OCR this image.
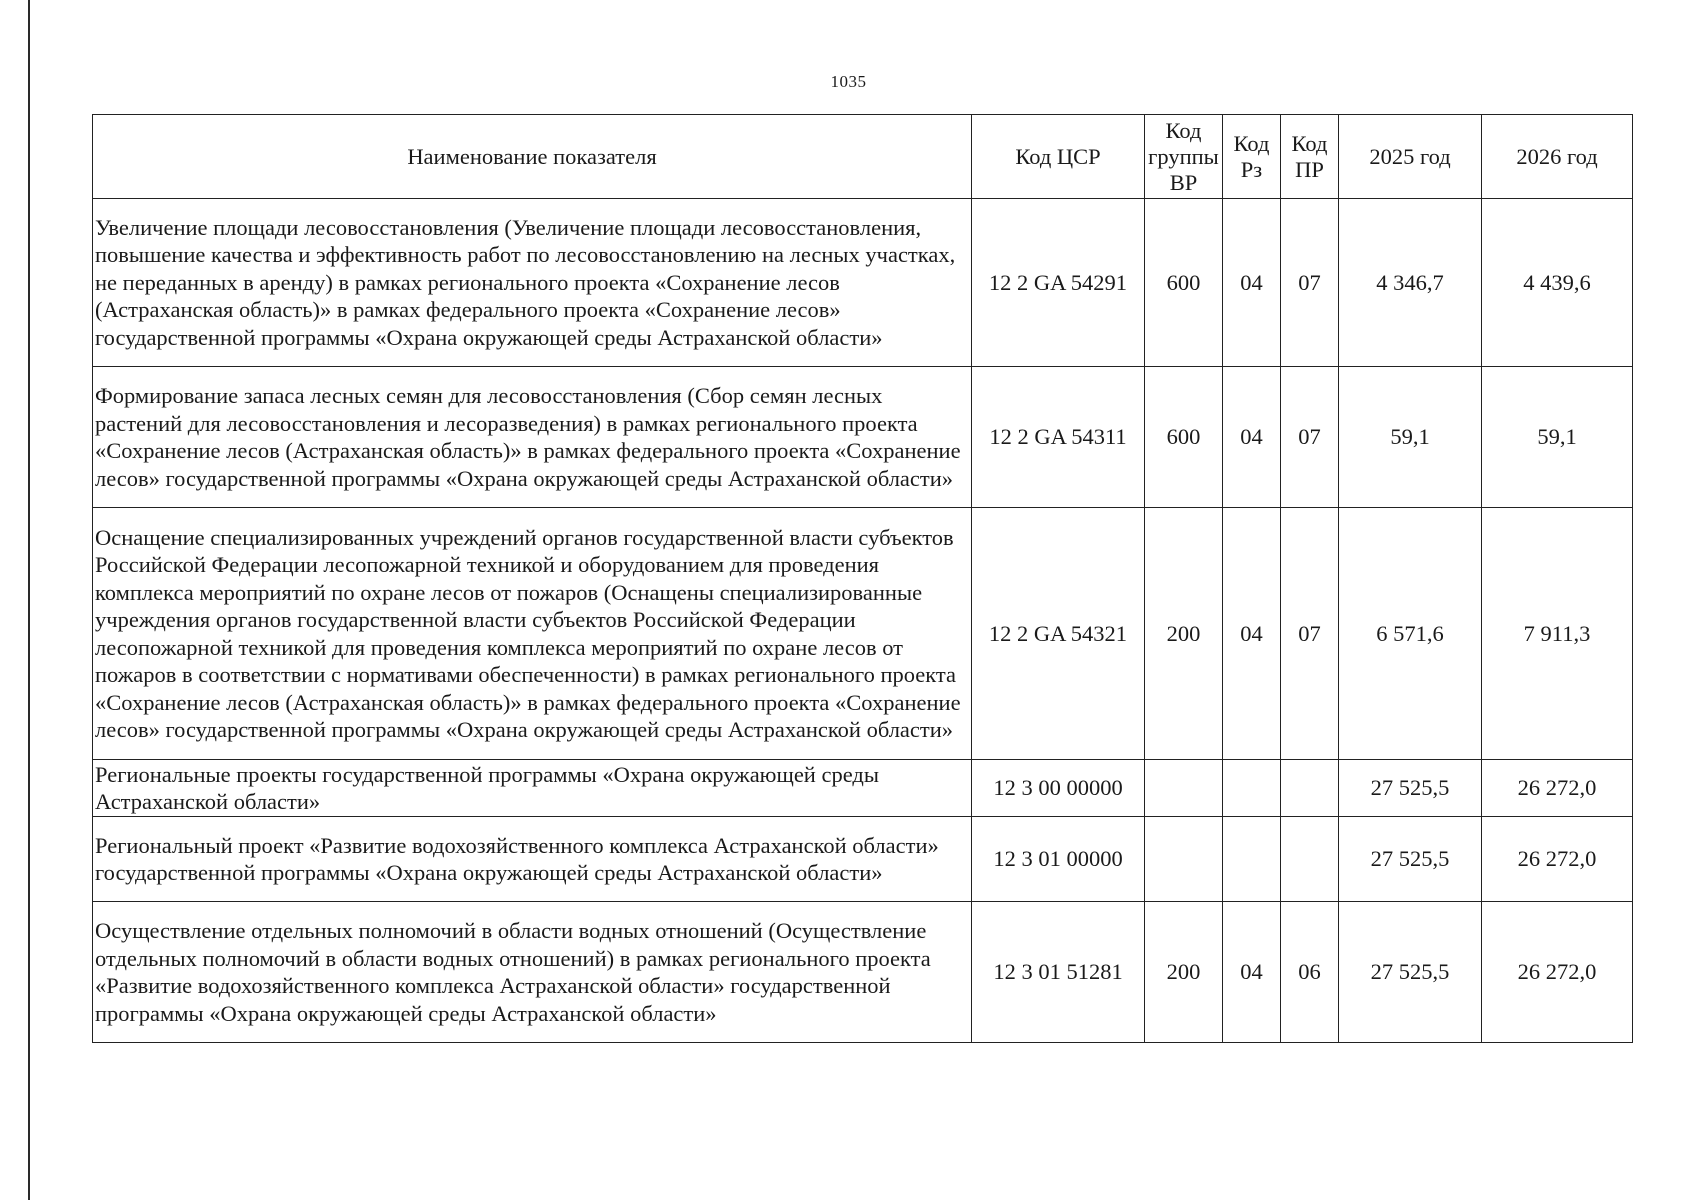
1035
Наименование показателя	Код ЦСР	Код группы ВР	Код Рз	Код ПР	2025 год	2026 год
Увеличение площади лесовосстановления (Увеличение площади лесовосстановления, повышение качества и эффективность работ по лесовосстановлению на лесных участках, не переданных в аренду) в рамках регионального проекта «Сохранение лесов (Астраханская область)» в рамках федерального проекта «Сохранение лесов» государственной программы «Охрана окружающей среды Астраханской области»	12 2 GA 54291	600	04	07	4 346,7	4 439,6
Формирование запаса лесных семян для лесовосстановления (Сбор семян лесных растений для лесовосстановления и лесоразведения) в рамках регионального проекта «Сохранение лесов (Астраханская область)» в рамках федерального проекта «Сохранение лесов» государственной программы «Охрана окружающей среды Астраханской области»	12 2 GA 54311	600	04	07	59,1	59,1
Оснащение специализированных учреждений органов государственной власти субъектов Российской Федерации лесопожарной техникой и оборудованием для проведения комплекса мероприятий по охране лесов от пожаров (Оснащены специализированные учреждения органов государственной власти субъектов Российской Федерации лесопожарной техникой для проведения комплекса мероприятий по охране лесов от пожаров в соответствии с нормативами обеспеченности) в рамках регионального проекта «Сохранение лесов (Астраханская область)» в рамках федерального проекта «Сохранение лесов» государственной программы «Охрана окружающей среды Астраханской области»	12 2 GA 54321	200	04	07	6 571,6	7 911,3
Региональные проекты государственной программы «Охрана окружающей среды Астраханской области»	12 3 00 00000				27 525,5	26 272,0
Региональный проект «Развитие водохозяйственного комплекса Астраханской области» государственной программы «Охрана окружающей среды Астраханской области»	12 3 01 00000				27 525,5	26 272,0
Осуществление отдельных полномочий в области водных отношений (Осуществление отдельных полномочий в области водных отношений) в рамках регионального проекта «Развитие водохозяйственного комплекса Астраханской области» государственной программы «Охрана окружающей среды Астраханской области»	12 3 01 51281	200	04	06	27 525,5	26 272,0
